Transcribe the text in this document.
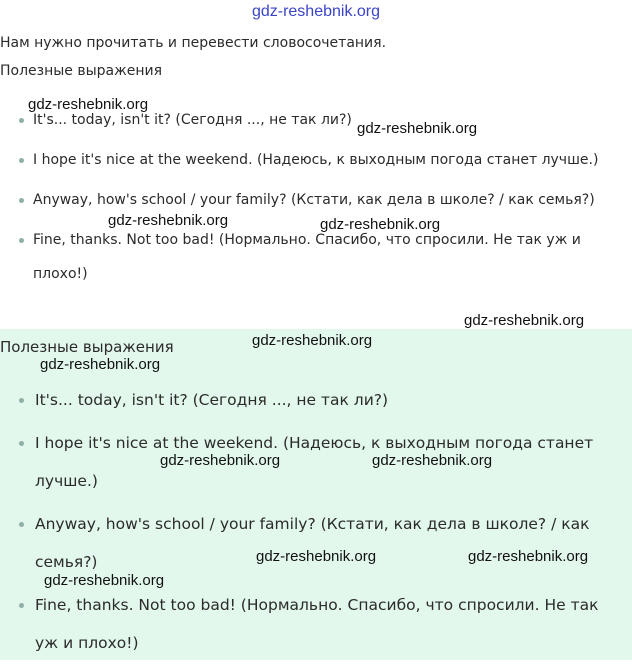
gdz-reshebnik.org
Нам нужно прочитать и перевести словосочетания.
Полезные выражения
It's... today, isn't it? (Сегодня ..., не так ли?)
I hope it's nice at the weekend. (Надеюсь, к выходным погода станет лучше.)
Anyway, how's school / your family? (Кстати, как дела в школе? / как семья?)
Fine, thanks. Not too bad! (Нормально. Спасибо, что спросили. Не так уж и плохо!)
Полезные выражения
It's... today, isn't it? (Сегодня ..., не так ли?)
I hope it's nice at the weekend. (Надеюсь, к выходным погода станет лучше.)
Anyway, how's school / your family? (Кстати, как дела в школе? / как семья?)
Fine, thanks. Not too bad! (Нормально. Спасибо, что спросили. Не так уж и плохо!)
gdz-reshebnik.org
gdz-reshebnik.org
gdz-reshebnik.org	gdz-reshebnik.org
gdz-reshebnik.org
gdz-reshebnik.org
gdz-reshebnik.org
gdz-reshebnik.org	gdz-reshebnik.org
gdz-reshebnik.org	gdz-reshebnik.org
gdz-reshebnik.org
